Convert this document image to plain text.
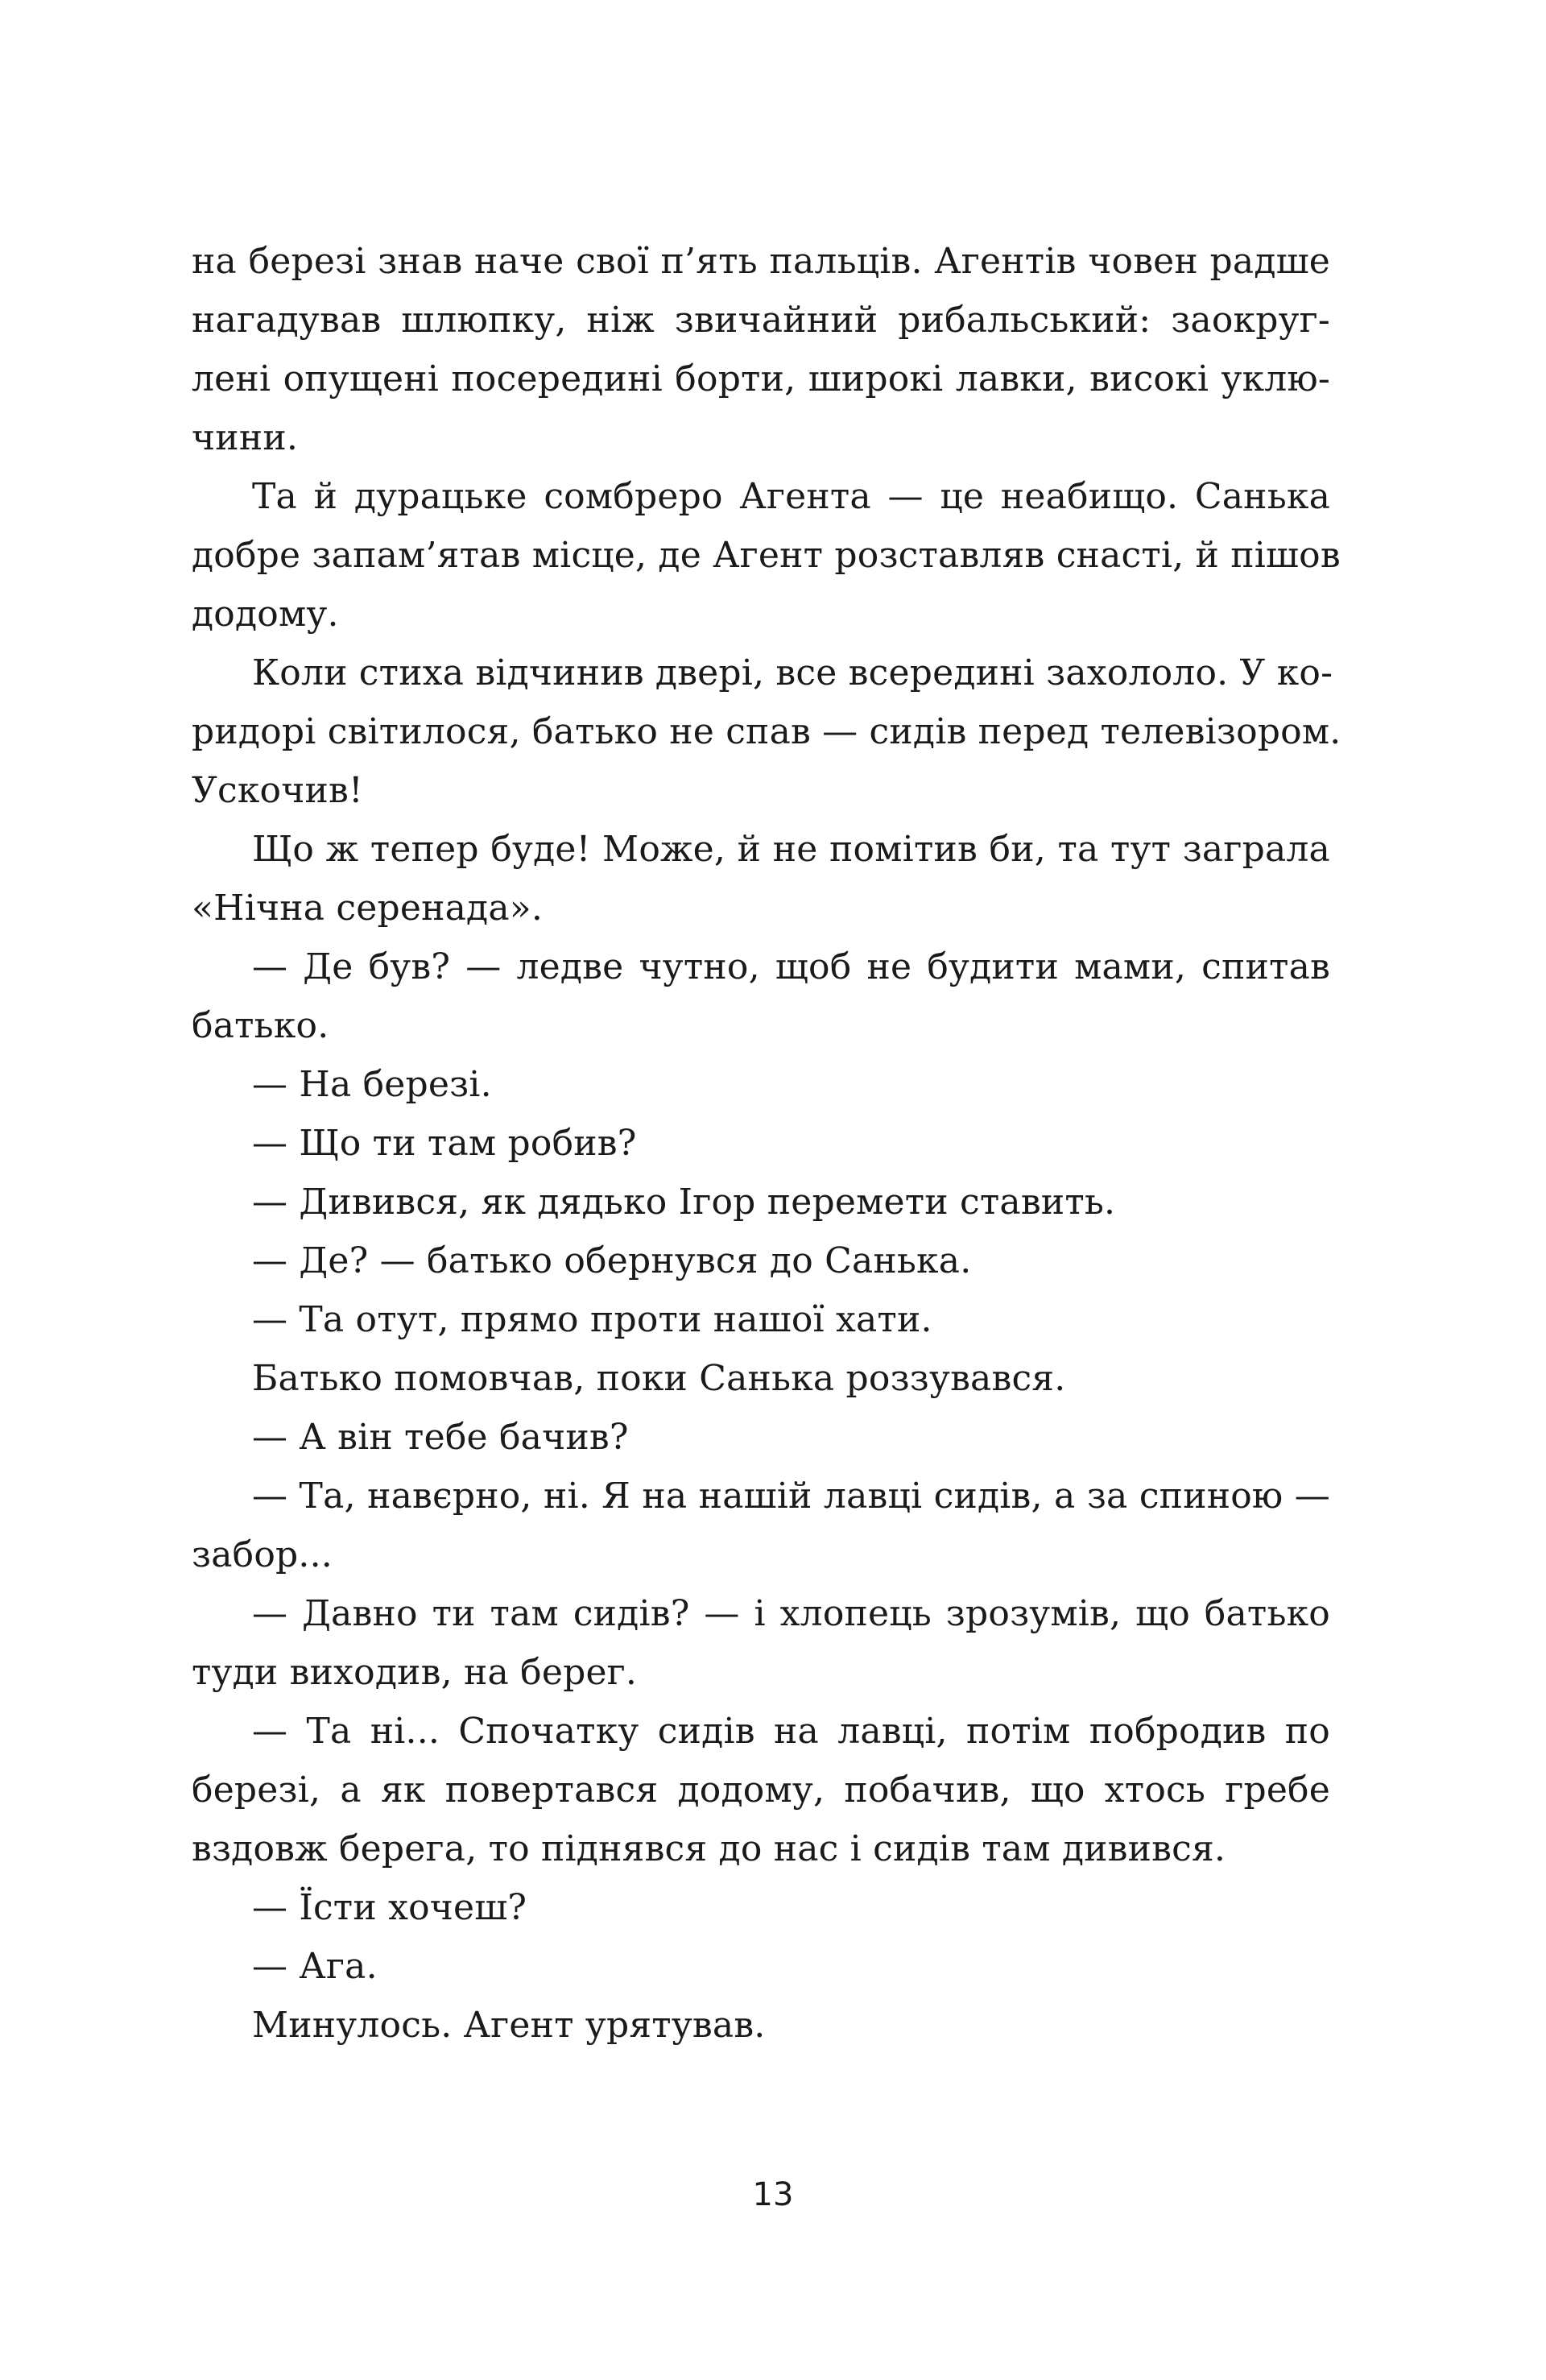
на березі знав наче свої п’ять пальців. Агентів човен радше
нагадував шлюпку, ніж звичайний рибальський: заокруг-
лені опущені посередині борти, широкі лавки, високі уклю-
чини.
Та й дурацьке сомбреро Агента — це неабищо. Санька
добре запам’ятав місце, де Агент розставляв снасті, й пішов
додому.
Коли стиха відчинив двері, все всередині захололо. У ко-
ридорі світилося, батько не спав — сидів перед телевізором.
Ускочив!
Що ж тепер буде! Може, й не помітив би, та тут заграла
«Нічна серенада».
— Де був? — ледве чутно, щоб не будити мами, спитав
батько.
— На березі.
— Що ти там робив?
— Дивився, як дядько Ігор перемети ставить.
— Де? — батько обернувся до Санька.
— Та отут, прямо проти нашої хати.
Батько помовчав, поки Санька роззувався.
— А він тебе бачив?
— Та, навєрно, ні. Я на нашій лавці сидів, а за спиною —
забор...
— Давно ти там сидів? — і хлопець зрозумів, що батько
туди виходив, на берег.
— Та ні... Спочатку сидів на лавці, потім побродив по
березі, а як повертався додому, побачив, що хтось гребе
вздовж берега, то піднявся до нас і сидів там дивився.
— Їсти хочеш?
— Ага.
Минулось. Агент урятував.
13
